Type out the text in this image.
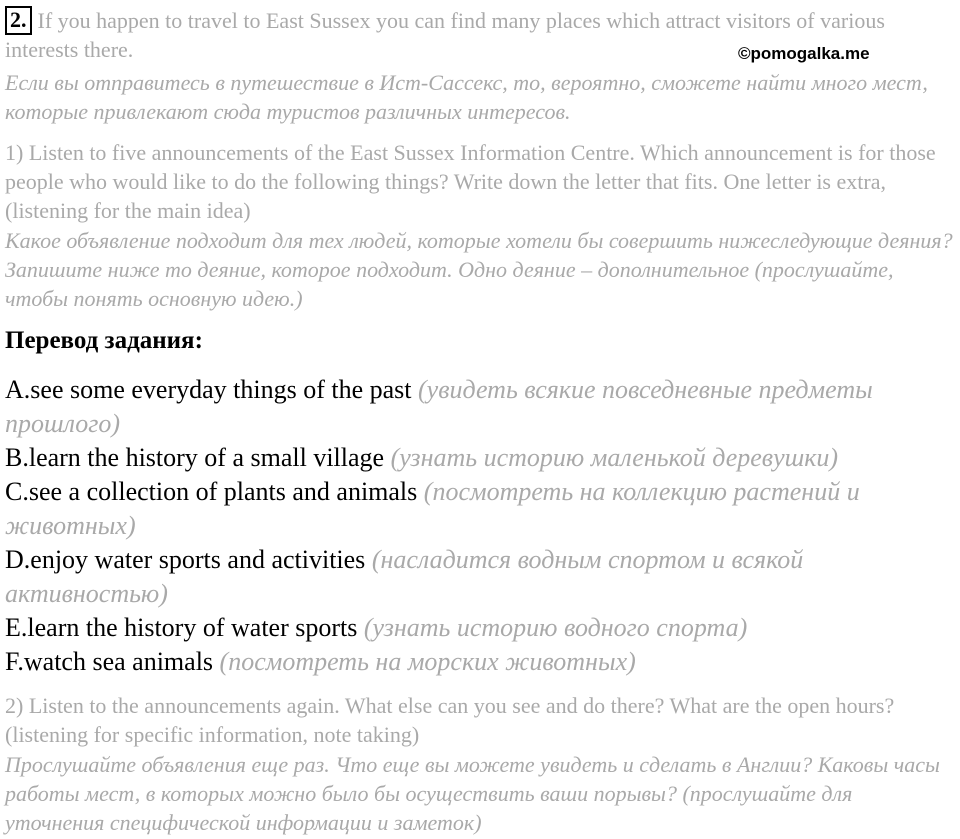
2. If you happen to travel to East Sussex you can find many places which attract visitors of various interests there.	©pomogalka.me
Если вы отправитесь в путешествие в Ист-Сассекс, то, вероятно, сможете найти много мест, которые привлекают сюда туристов различных интересов.
1) Listen to five announcements of the East Sussex Information Centre. Which announcement is for those people who would like to do the following things? Write down the letter that fits. One letter is extra, (listening for the main idea)
Какое объявление подходит для тех людей, которые хотели бы совершить нижеследующие деяния? Запишите ниже то деяние, которое подходит. Одно деяние – дополнительное (прослушайте, чтобы понять основную идею.)
Перевод задания:
A.see some everyday things of the past (увидеть всякие повседневные предметы прошлого)
B.learn the history of a small village (узнать историю маленькой деревушки)
C.see a collection of plants and animals (посмотреть на коллекцию растений и животных)
D.enjoy water sports and activities (насладится водным спортом и всякой активностью)
E.learn the history of water sports (узнать историю водного спорта)
F.watch sea animals (посмотреть на морских животных)
2) Listen to the announcements again. What else can you see and do there? What are the open hours? (listening for specific information, note taking)
Прослушайте объявления еще раз. Что еще вы можете увидеть и сделать в Англии? Каковы часы работы мест, в которых можно было бы осуществить ваши порывы? (прослушайте для уточнения специфической информации и заметок)
